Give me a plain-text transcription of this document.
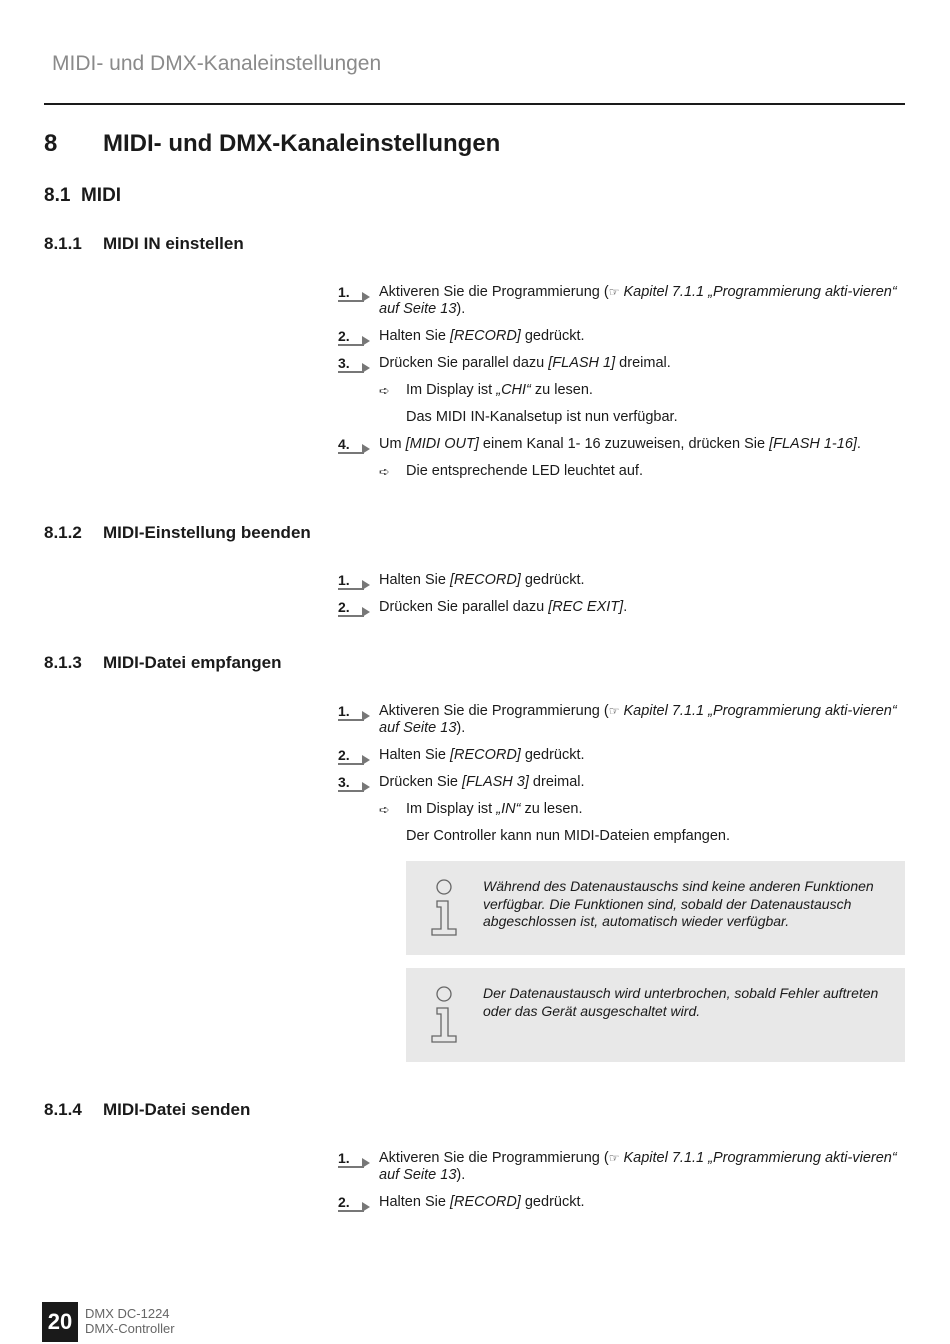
MIDI- und DMX-Kanaleinstellungen
8 MIDI- und DMX-Kanaleinstellungen
8.1 MIDI
8.1.1 MIDI IN einstellen
1. Aktiveren Sie die Programmierung (☞ Kapitel 7.1.1 „Programmierung akti-vieren“ auf Seite 13).
2. Halten Sie [RECORD] gedrückt.
3. Drücken Sie parallel dazu [FLASH 1] dreimal.
➪	Im Display ist „CHI“ zu lesen.
Das MIDI IN-Kanalsetup ist nun verfügbar.
4. Um [MIDI OUT] einem Kanal 1- 16 zuzuweisen, drücken Sie [FLASH 1-16].
➪	Die entsprechende LED leuchtet auf.
8.1.2 MIDI-Einstellung beenden
1. Halten Sie [RECORD] gedrückt.
2. Drücken Sie parallel dazu [REC EXIT].
8.1.3 MIDI-Datei empfangen
1. Aktiveren Sie die Programmierung (☞ Kapitel 7.1.1 „Programmierung akti-vieren“ auf Seite 13).
2. Halten Sie [RECORD] gedrückt.
3. Drücken Sie [FLASH 3] dreimal.
➪	Im Display ist „IN“ zu lesen.
Der Controller kann nun MIDI-Dateien empfangen.
Während des Datenaustauschs sind keine anderen Funktionen verfügbar. Die Funktionen sind, sobald der Datenaustausch abgeschlossen ist, automatisch wieder verfügbar.
Der Datenaustausch wird unterbrochen, sobald Fehler auftreten oder das Gerät ausgeschaltet wird.
8.1.4 MIDI-Datei senden
1. Aktiveren Sie die Programmierung (☞ Kapitel 7.1.1 „Programmierung akti-vieren“ auf Seite 13).
2. Halten Sie [RECORD] gedrückt.
20 DMX DC-1224
DMX-Controller
